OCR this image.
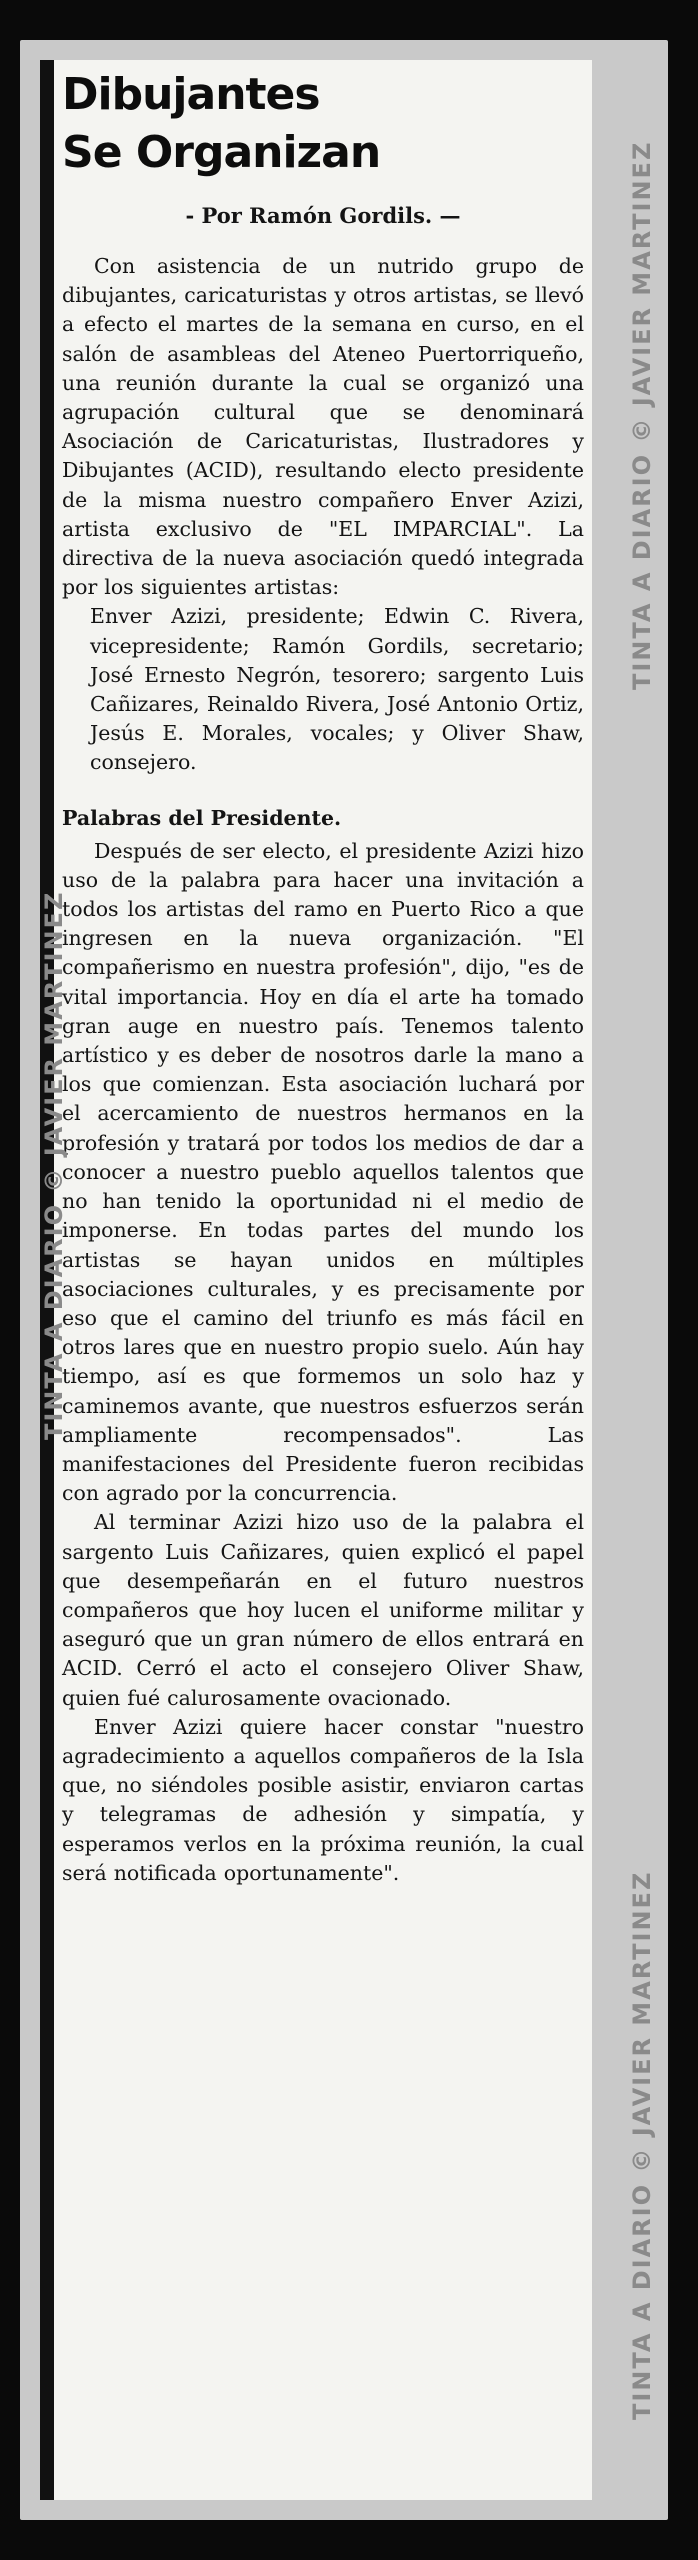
Dibujantes
Se Organizan

- Por Ramón Gordils. —

Con asistencia de un nutrido grupo de dibujantes, caricaturistas y otros artistas, se llevó a efecto el martes de la semana en curso, en el salón de asambleas del Ateneo Puertorriqueño, una reunión durante la cual se organizó una agrupación cultural que se denominará Asociación de Caricaturistas, Ilustradores y Dibujantes (ACID), resultando electo presidente de la misma nuestro compañero Enver Azizi, artista exclusivo de "EL IMPARCIAL". La directiva de la nueva asociación quedó integrada por los siguientes artistas:

Enver Azizi, presidente; Edwin C. Rivera, vicepresidente; Ramón Gordils, secretario; José Ernesto Negrón, tesorero; sargento Luis Cañizares, Reinaldo Rivera, José Antonio Ortiz, Jesús E. Morales, vocales; y Oliver Shaw, consejero.

Palabras del Presidente.

Después de ser electo, el presidente Azizi hizo uso de la palabra para hacer una invitación a todos los artistas del ramo en Puerto Rico a que ingresen en la nueva organización. "El compañerismo en nuestra profesión", dijo, "es de vital importancia. Hoy en día el arte ha tomado gran auge en nuestro país. Tenemos talento artístico y es deber de nosotros darle la mano a los que comienzan. Esta asociación luchará por el acercamiento de nuestros hermanos en la profesión y tratará por todos los medios de dar a conocer a nuestro pueblo aquellos talentos que no han tenido la oportunidad ni el medio de imponerse. En todas partes del mundo los artistas se hayan unidos en múltiples asociaciones culturales, y es precisamente por eso que el camino del triunfo es más fácil en otros lares que en nuestro propio suelo. Aún hay tiempo, así es que formemos un solo haz y caminemos avante, que nuestros esfuerzos serán ampliamente recompensados". Las manifestaciones del Presidente fueron recibidas con agrado por la concurrencia.

Al terminar Azizi hizo uso de la palabra el sargento Luis Cañizares, quien explicó el papel que desempeñarán en el futuro nuestros compañeros que hoy lucen el uniforme militar y aseguró que un gran número de ellos entrará en ACID. Cerró el acto el consejero Oliver Shaw, quien fué calurosamente ovacionado.

Enver Azizi quiere hacer constar "nuestro agradecimiento a aquellos compañeros de la Isla que, no siéndoles posible asistir, enviaron cartas y telegramas de adhesión y simpatía, y esperamos verlos en la próxima reunión, la cual será notificada oportunamente".

TINTA A DIARIO © JAVIER MARTINEZ
TINTA A DIARIO © JAVIER MARTINEZ
TINTA A DIARIO © JAVIER MARTINEZ
